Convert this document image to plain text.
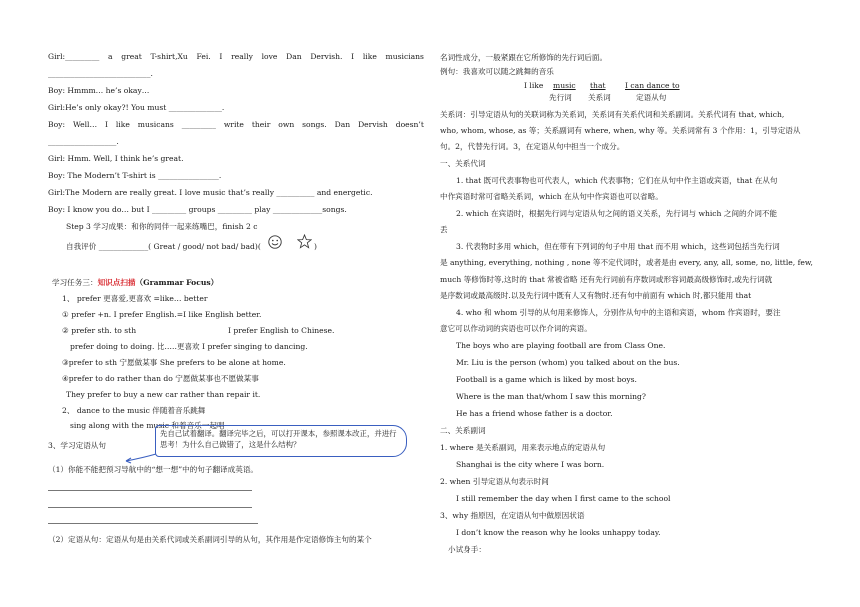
Girl:_________ a great T-shirt,Xu Fei. I really love Dan Dervish. I like musicians
___________________________.
Boy: Hmmm… he’s okay…
Girl:He’s only okay?! You must ______________.
Boy: Well… I like musicans _________ write their own songs. Dan Dervish doesn’t
__________________.
Girl: Hmm. Well, I think he’s great.
Boy: The Modern’t T-shirt is ________________.
Girl:The Modern are really great. I love music that’s really __________ and energetic.
Boy: I know you do… but I _________ groups _________ play _____________songs.
Step 3 学习成果：和你的同伴一起来练嘴巴，finish 2 c
自我评价 _____________( Great / good/ not bad/ bad)(	)
学习任务三：知识点扫描（Grammar Focus）
1、 prefer 更喜爱,更喜欢 =like… better
① prefer +n. I prefer English.=I like English better.
② prefer sth. to sth	I prefer English to Chinese.
prefer doing to doing. 比…..更喜欢 I prefer singing to dancing.
③prefer to sth 宁愿做某事 She prefers to be alone at home.
④prefer to do rather than do 宁愿做某事也不愿做某事
They prefer to buy a new car rather than repair it.
2、 dance to the music 伴随着音乐跳舞
sing along with the music 和着音乐一起唱
3、学习定语从句
先自己试着翻译。翻译完毕之后，可以打开课本，参照课本改正，并进行思考！为什么自己做错了，这是什么结构？
（1）你能不能把预习导航中的“想一想”中的句子翻译成英语。
（2）定语从句：定语从句是由关系代词或关系副词引导的从句，其作用是作定语修饰主句的某个
名词性成分，一般紧跟在它所修饰的先行词后面。
例句：我喜欢可以随之跳舞的音乐
I like music that	I can dance to
先行词 关系词	定语从句
关系词：引导定语从句的关联词称为关系词，关系词有关系代词和关系副词。关系代词有 that, which,
who, whom, whose, as 等；关系副词有 where, when, why 等。关系词常有 3 个作用：1，引导定语从
句。2，代替先行词。3，在定语从句中担当一个成分。
一、关系代词
1. that 既可代表事物也可代表人，which 代表事物；它们在从句中作主语或宾语，that 在从句
中作宾语时常可省略关系词，which 在从句中作宾语也可以省略。
2. which 在宾语时，根据先行词与定语从句之间的语义关系，先行词与 which 之间的介词不能
丢
3. 代表物时多用 which，但在带有下列词的句子中用 that 而不用 which，这些词包括当先行词
是 anything, everything, nothing , none 等不定代词时，或者是由 every, any, all, some, no, little, few,
much 等修饰时等,这时的 that 常被省略 还有先行词前有序数词或形容词最高级修饰时,或先行词就
是序数词或最高级时.以及先行词中既有人又有物时.还有句中前面有 which 时,都只能用 that
4. who 和 whom 引导的从句用来修饰人，分别作从句中的主语和宾语，whom 作宾语时，要注
意它可以作动词的宾语也可以作介词的宾语。
The boys who are playing football are from Class One.
Mr. Liu is the person (whom) you talked about on the bus.
Football is a game which is liked by most boys.
Where is the man that/whom I saw this morning?
He has a friend whose father is a doctor.
二、关系副词
1. where 是关系副词，用来表示地点的定语从句
Shanghai is the city where I was born.
2. when 引导定语从句表示时间
I still remember the day when I first came to the school
3、why 指原因，在定语从句中做原因状语
I don’t know the reason why he looks unhappy today.
小试身手：
